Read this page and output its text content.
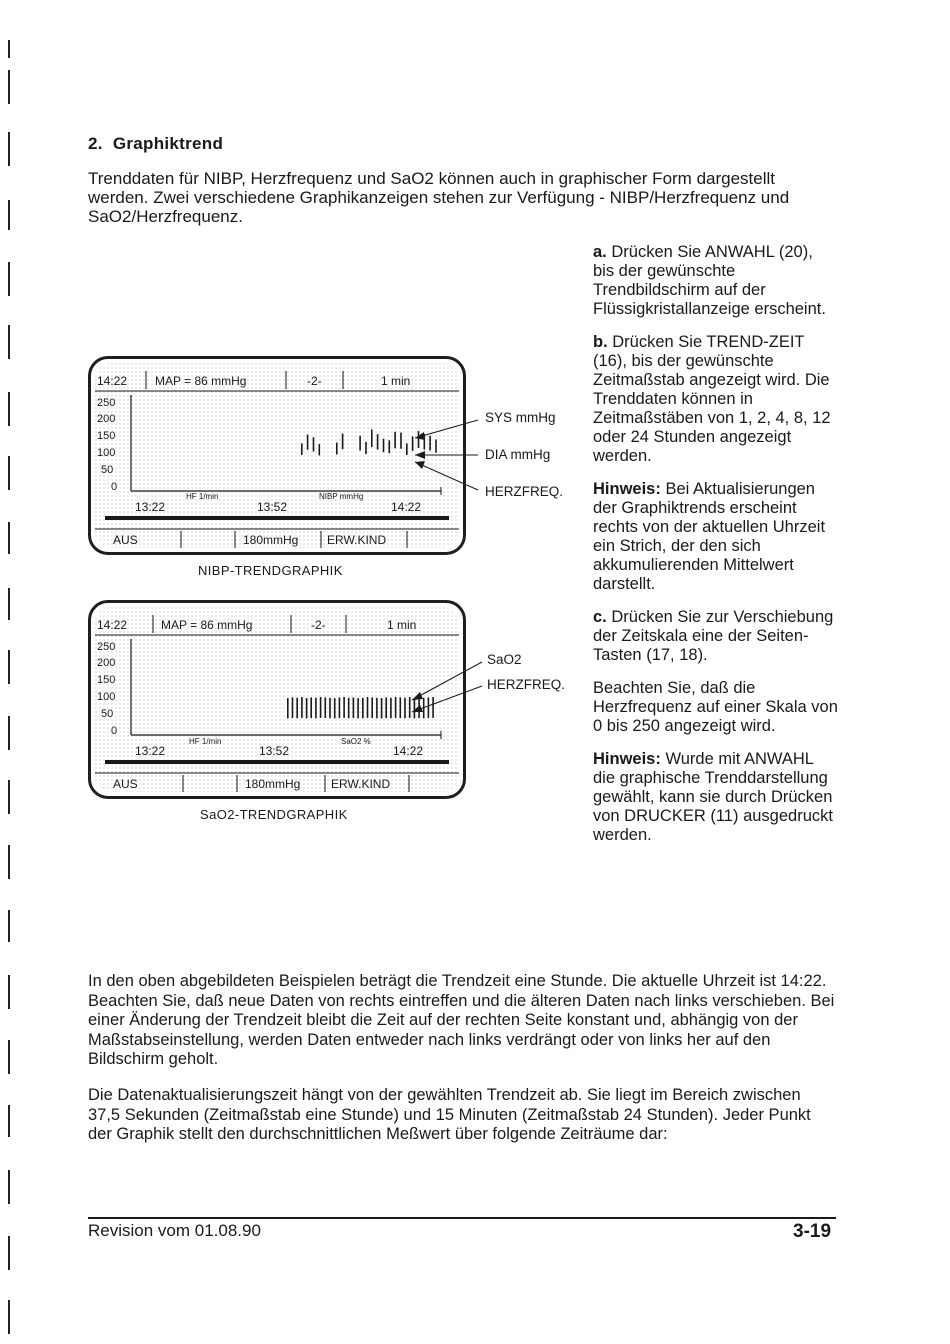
2. Graphiktrend
Trenddaten für NIBP, Herzfrequenz und SaO2 können auch in graphischer Form dargestellt werden. Zwei verschiedene Graphikanzeigen stehen zur Verfügung - NIBP/Herzfrequenz und SaO2/Herzfrequenz.

a. Drücken Sie ANWAHL (20), bis der gewünschte Trendbildschirm auf der Flüssigkristallanzeige erscheint.

b. Drücken Sie TREND-ZEIT (16), bis der gewünschte Zeitmaßstab angezeigt wird. Die Trenddaten können in Zeitmaßstäben von 1, 2, 4, 8, 12 oder 24 Stunden angezeigt werden.

Hinweis: Bei Aktualisierungen der Graphiktrends erscheint rechts von der aktuellen Uhrzeit ein Strich, der den sich akkumulierenden Mittelwert darstellt.

c. Drücken Sie zur Verschiebung der Zeitskala eine der Seiten-Tasten (17, 18).

Beachten Sie, daß die Herzfrequenz auf einer Skala von 0 bis 250 angezeigt wird.

Hinweis: Wurde mit ANWAHL die graphische Trenddarstellung gewählt, kann sie durch Drücken von DRUCKER (11) ausgedruckt werden.

14:22 MAP = 86 mmHg	-2-	1 min
250
200
150
100
50
0
HF 1/min	NIBP mmHg
13:22	13:52	14:22
AUS	180mmHg ERW.KIND
NIBP-TRENDGRAPHIK
SYS mmHg
DIA mmHg
HERZFREQ.
14:22	MAP = 86 mmHg	-2-	1 min
250
200
150
100
50
0
HF 1/min	SaO2 %
13:22	13:52	14:22
AUS	180mmHg	ERW.KIND
SaO2-TRENDGRAPHIK
SaO2
HERZFREQ.
In den oben abgebildeten Beispielen beträgt die Trendzeit eine Stunde. Die aktuelle Uhrzeit ist 14:22. Beachten Sie, daß neue Daten von rechts eintreffen und die älteren Daten nach links verschieben. Bei einer Änderung der Trendzeit bleibt die Zeit auf der rechten Seite konstant und, abhängig von der Maßstabseinstellung, werden Daten entweder nach links verdrängt oder von links her auf den Bildschirm geholt.
Die Datenaktualisierungszeit hängt von der gewählten Trendzeit ab. Sie liegt im Bereich zwischen 37,5 Sekunden (Zeitmaßstab eine Stunde) und 15 Minuten (Zeitmaßstab 24 Stunden). Jeder Punkt der Graphik stellt den durchschnittlichen Meßwert über folgende Zeiträume dar:
Revision vom 01.08.90	3-19
